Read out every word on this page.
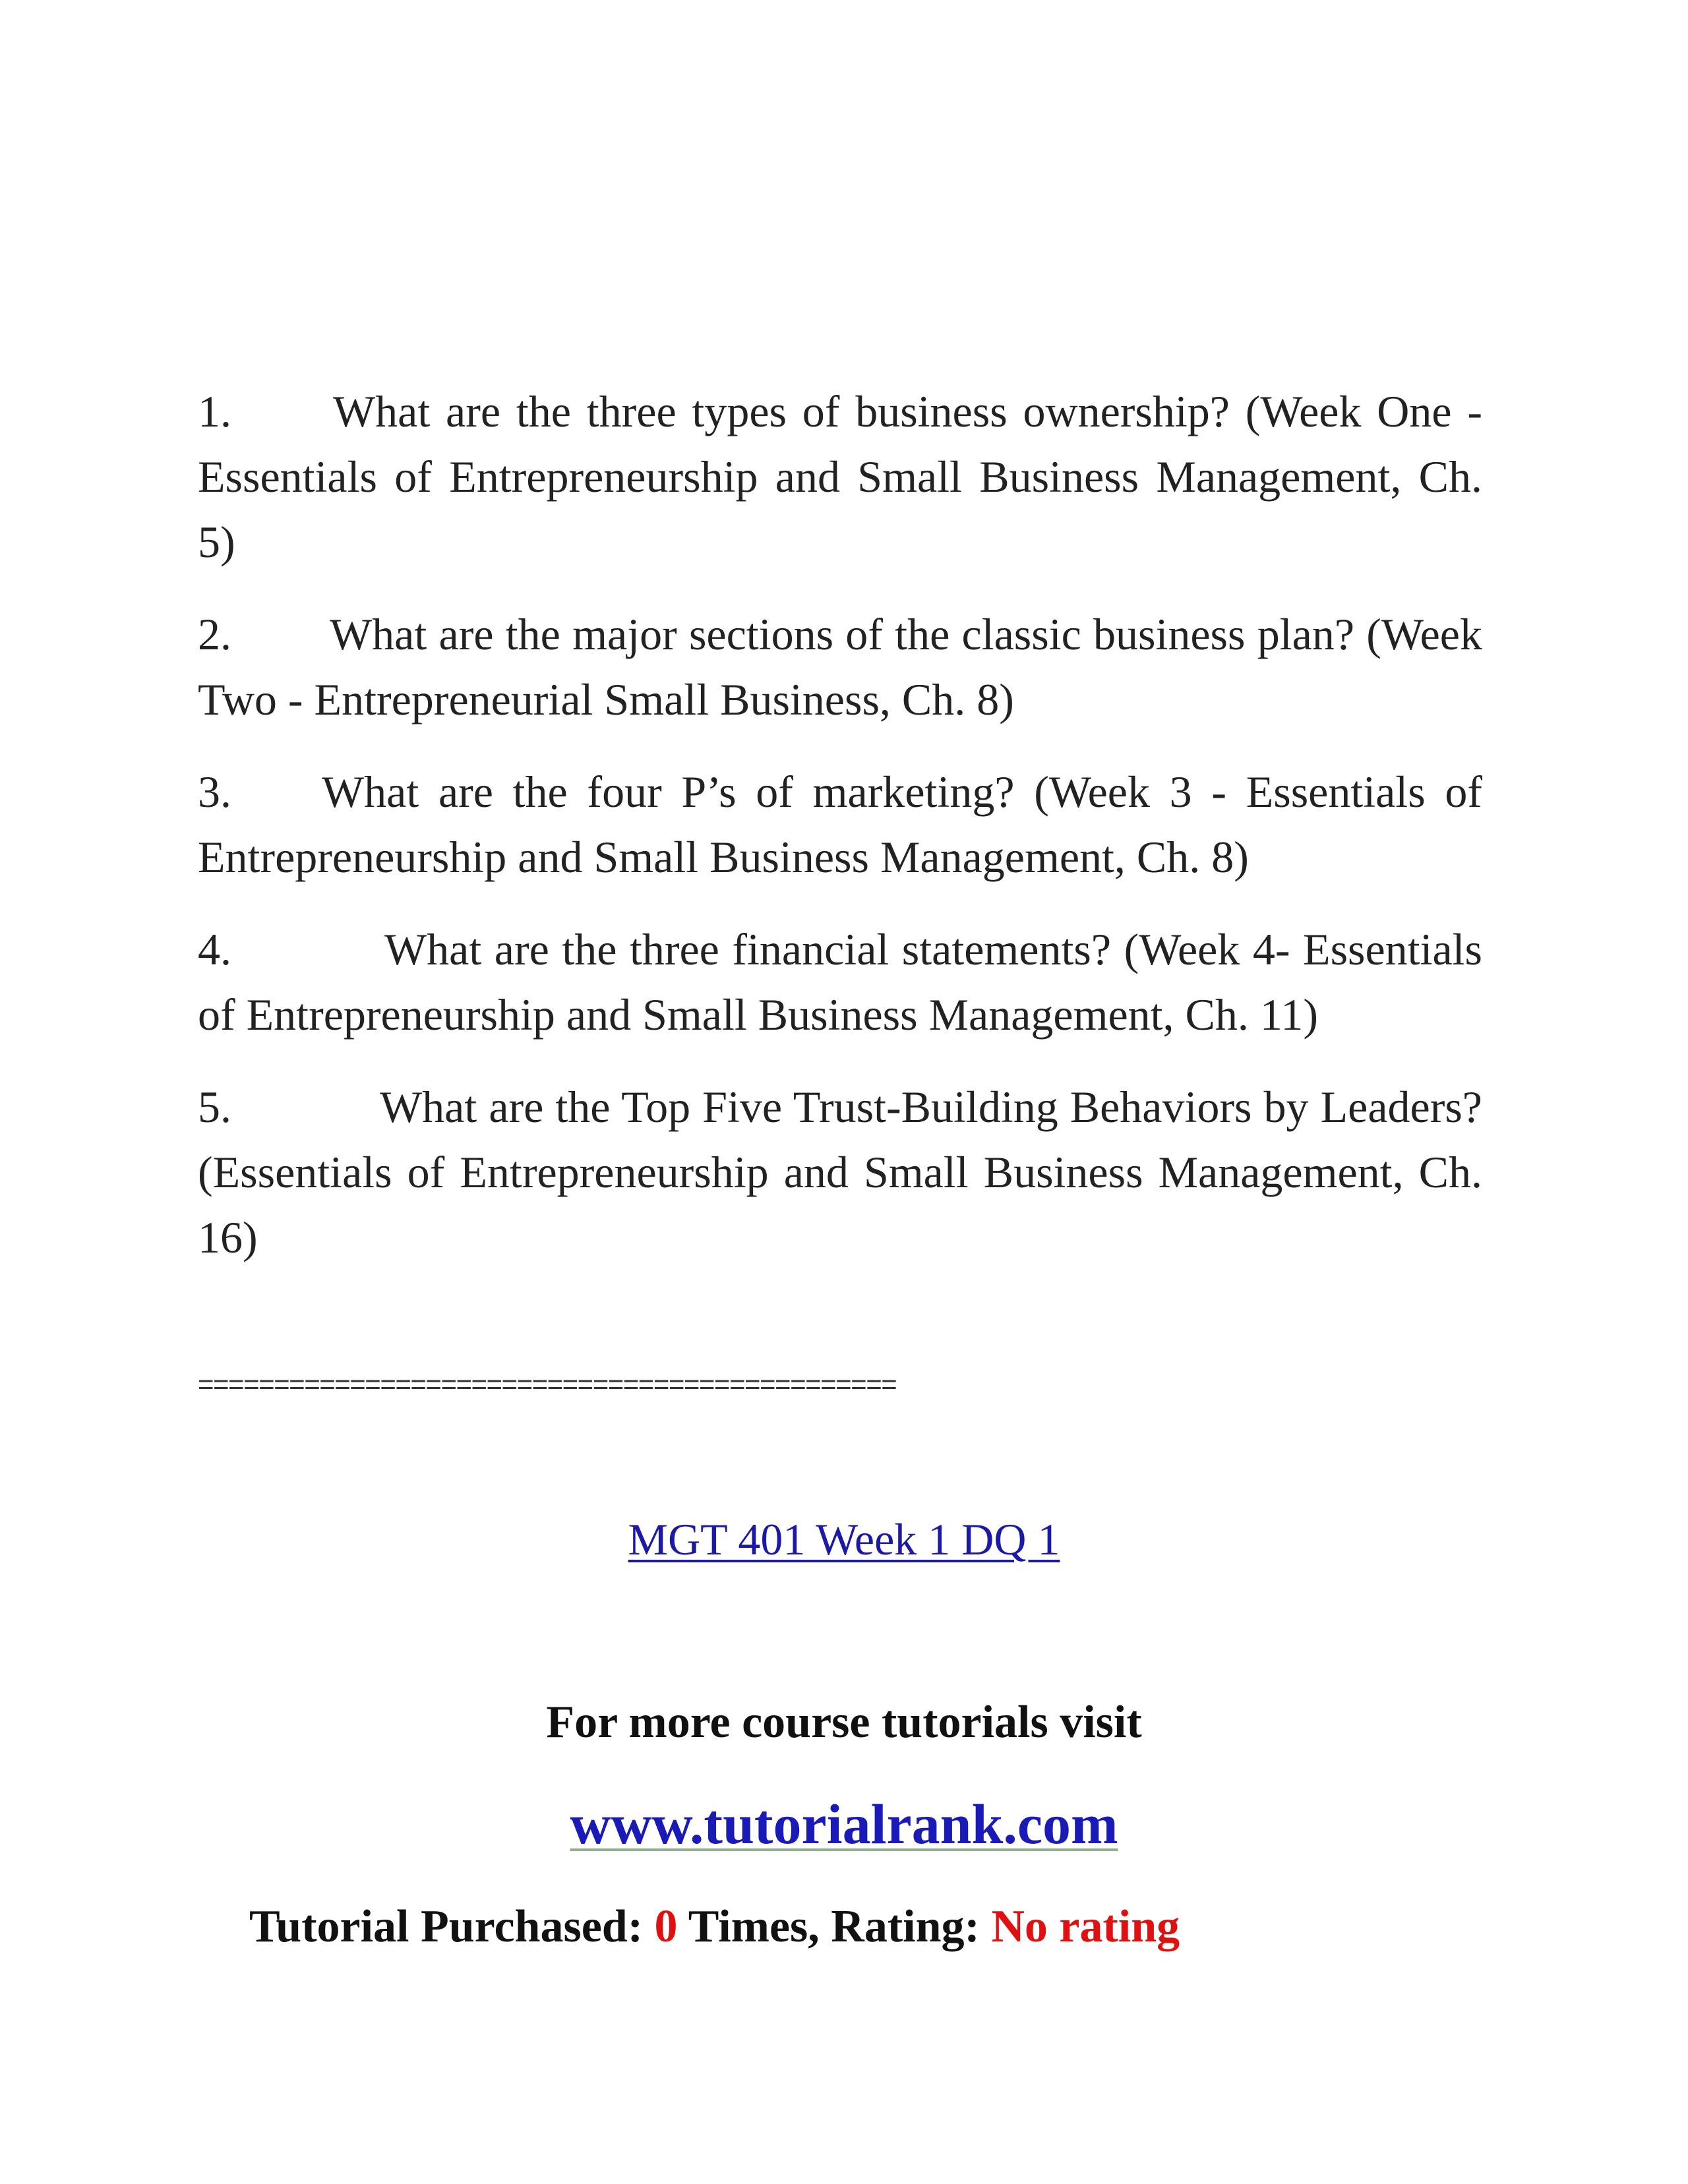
1. What are the three types of business ownership? (Week One - Essentials of Entrepreneurship and Small Business Management, Ch. 5)

2. What are the major sections of the classic business plan? (Week Two - Entrepreneurial Small Business, Ch. 8)

3. What are the four P’s of marketing? (Week 3 - Essentials of Entrepreneurship and Small Business Management, Ch. 8)

4.	What are the three financial statements? (Week 4- Essentials of Entrepreneurship and Small Business Management, Ch. 11)

5.	What are the Top Five Trust-Building Behaviors by Leaders? (Essentials of Entrepreneurship and Small Business Management, Ch. 16)

==============================================
MGT 401 Week 1 DQ 1
For more course tutorials visit
www.tutorialrank.com
Tutorial Purchased: 0 Times, Rating: No rating
